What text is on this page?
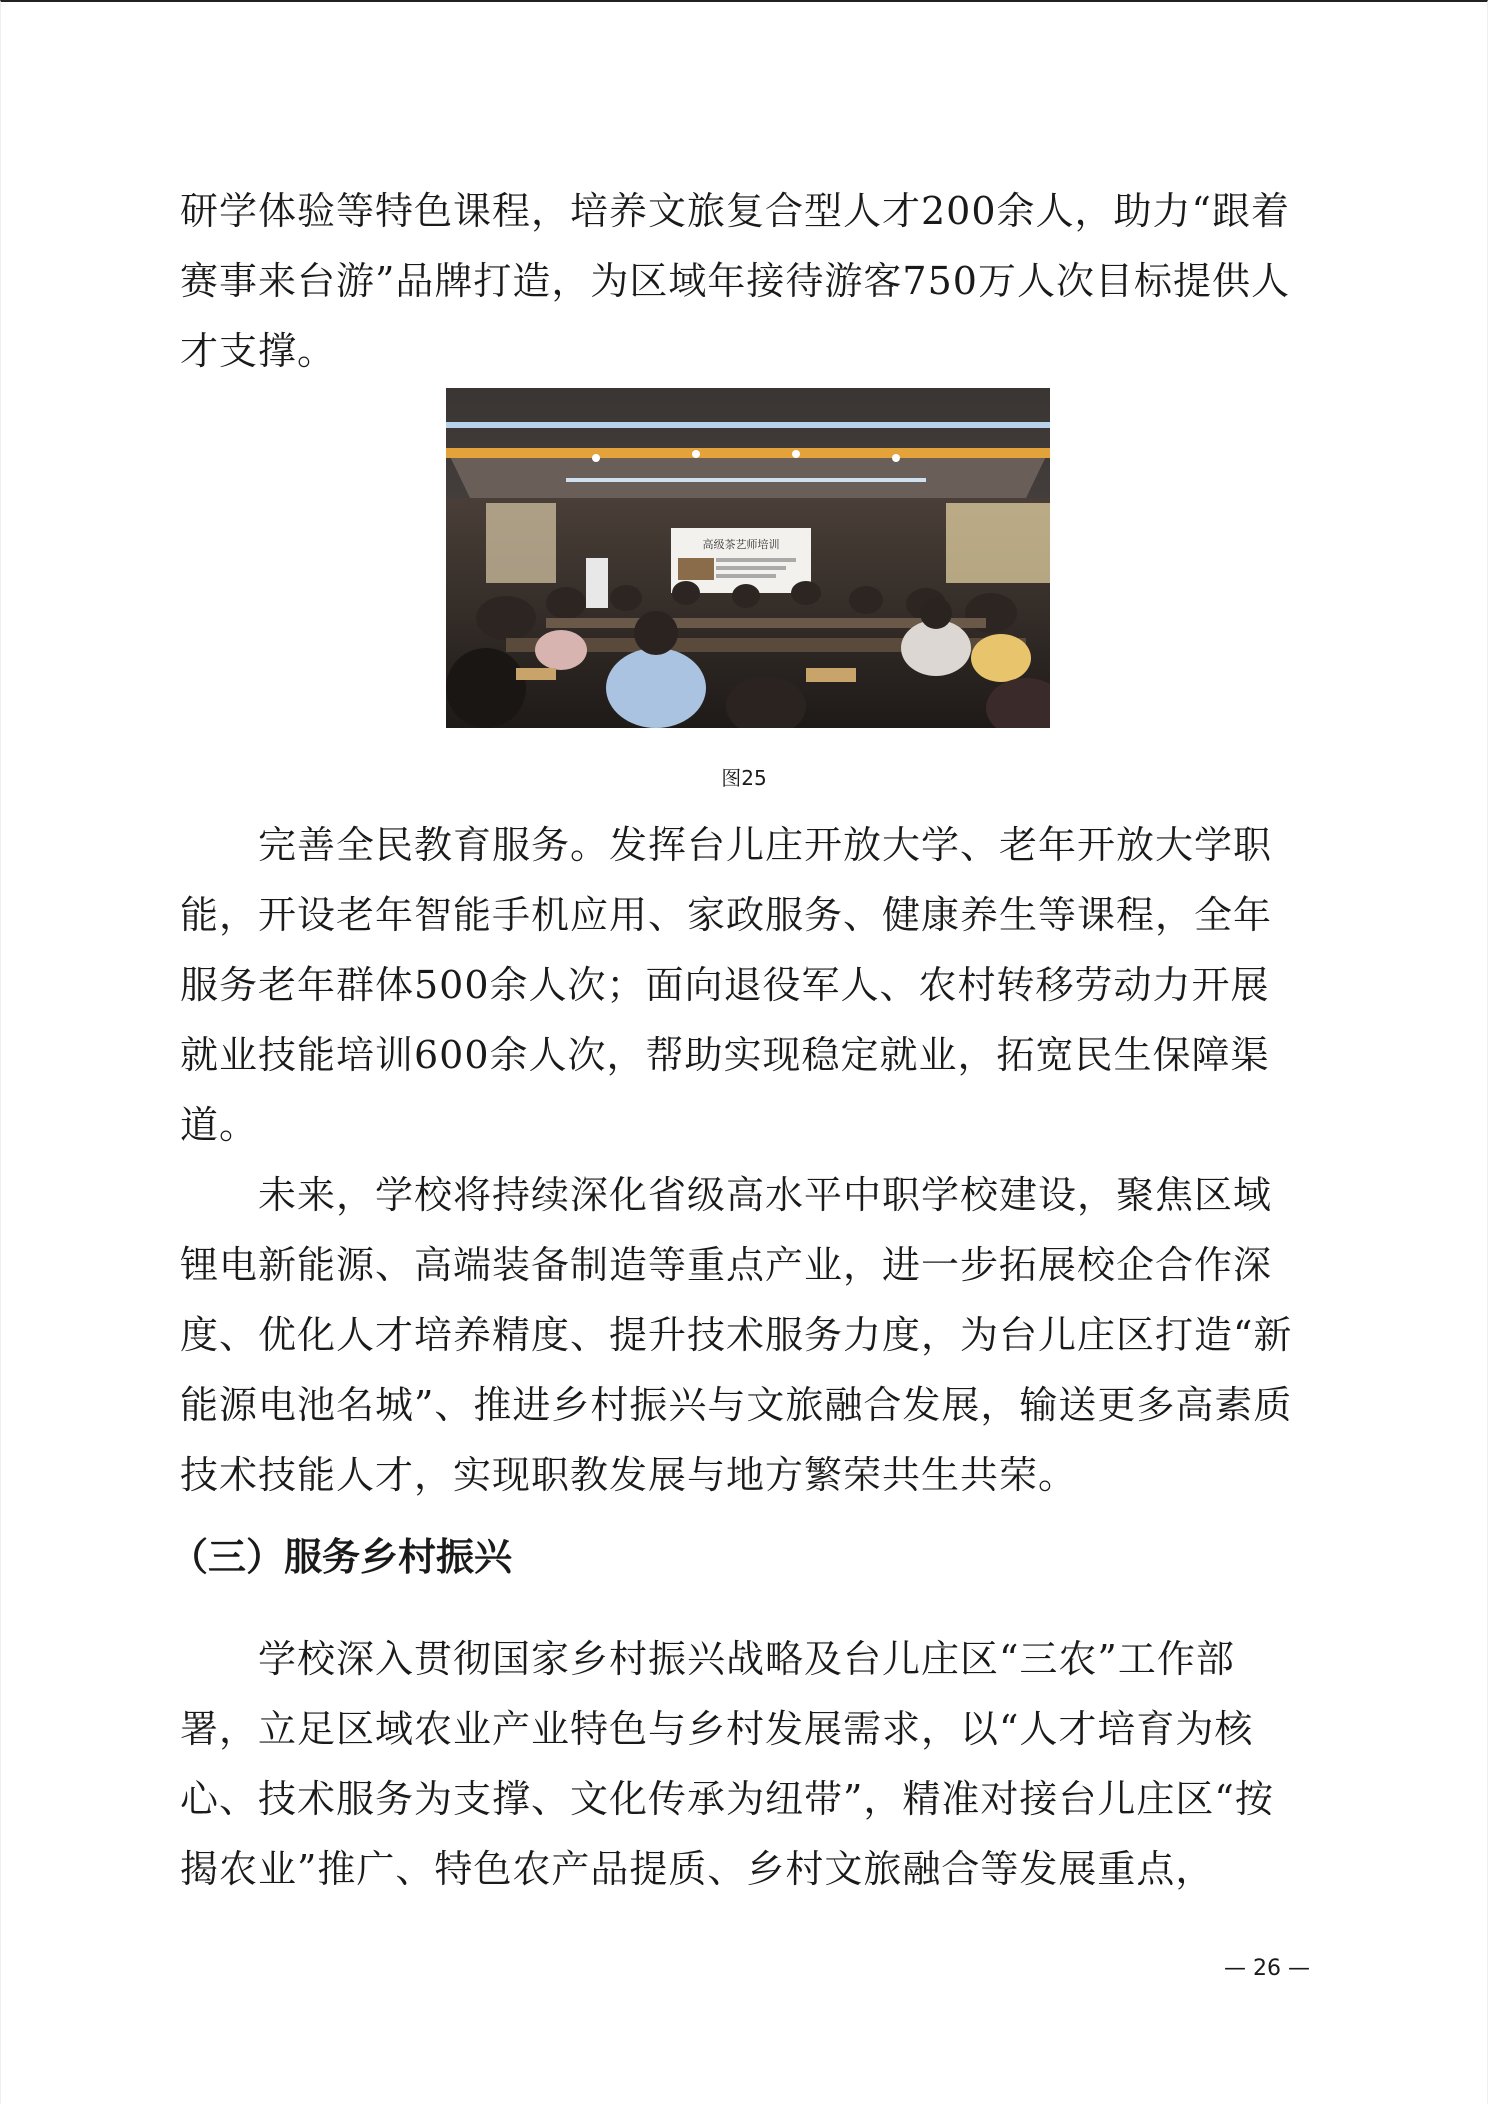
研学体验等特色课程，培养文旅复合型人才200余人，助力“跟着赛事来台游”品牌打造，为区域年接待游客750万人次目标提供人才支撑。

高级茶艺师培训
图25

完善全民教育服务。发挥台儿庄开放大学、老年开放大学职能，开设老年智能手机应用、家政服务、健康养生等课程，全年服务老年群体500余人次；面向退役军人、农村转移劳动力开展就业技能培训600余人次，帮助实现稳定就业，拓宽民生保障渠道。

未来，学校将持续深化省级高水平中职学校建设，聚焦区域锂电新能源、高端装备制造等重点产业，进一步拓展校企合作深度、优化人才培养精度、提升技术服务力度，为台儿庄区打造“新能源电池名城”、推进乡村振兴与文旅融合发展，输送更多高素质技术技能人才，实现职教发展与地方繁荣共生共荣。

（三）服务乡村振兴

学校深入贯彻国家乡村振兴战略及台儿庄区“三农”工作部署，立足区域农业产业特色与乡村发展需求，以“人才培育为核心、技术服务为支撑、文化传承为纽带”，精准对接台儿庄区“按揭农业”推广、特色农产品提质、乡村文旅融合等发展重点，

— 26 —
